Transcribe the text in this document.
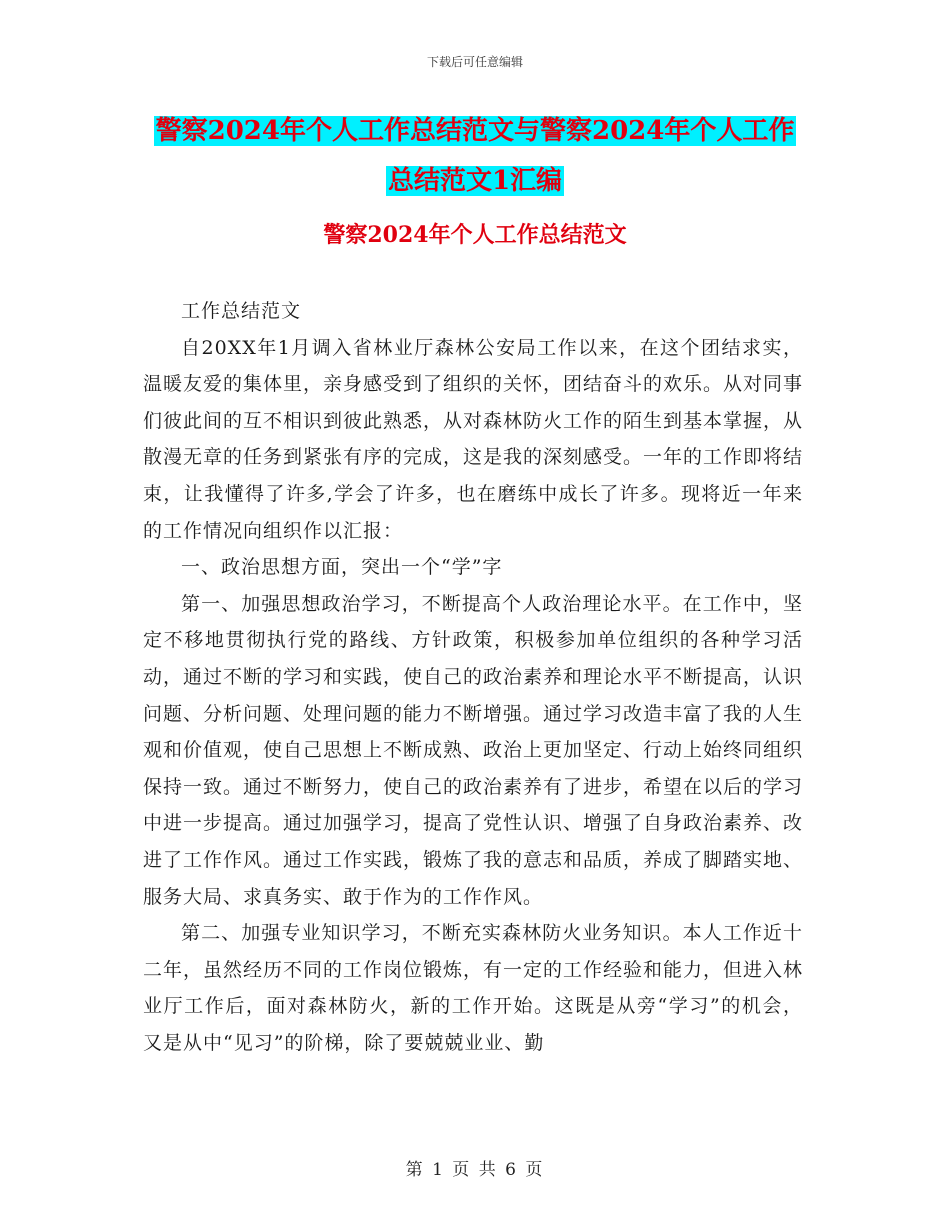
下载后可任意编辑
警察2024年个人工作总结范文与警察2024年个人工作总结范文1汇编
警察2024年个人工作总结范文

工作总结范文

自20XX年1月调入省林业厅森林公安局工作以来，在这个团结求实，温暖友爱的集体里，亲身感受到了组织的关怀，团结奋斗的欢乐。从对同事们彼此间的互不相识到彼此熟悉，从对森林防火工作的陌生到基本掌握，从散漫无章的任务到紧张有序的完成，这是我的深刻感受。一年的工作即将结束，让我懂得了许多,学会了许多，也在磨练中成长了许多。现将近一年来的工作情况向组织作以汇报：

一、政治思想方面，突出一个“学”字

第一、加强思想政治学习，不断提高个人政治理论水平。在工作中，坚定不移地贯彻执行党的路线、方针政策，积极参加单位组织的各种学习活动，通过不断的学习和实践，使自己的政治素养和理论水平不断提高，认识问题、分析问题、处理问题的能力不断增强。通过学习改造丰富了我的人生观和价值观，使自己思想上不断成熟、政治上更加坚定、行动上始终同组织保持一致。通过不断努力，使自己的政治素养有了进步，希望在以后的学习中进一步提高。通过加强学习，提高了党性认识、增强了自身政治素养、改进了工作作风。通过工作实践，锻炼了我的意志和品质，养成了脚踏实地、服务大局、求真务实、敢于作为的工作作风。

第二、加强专业知识学习，不断充实森林防火业务知识。本人工作近十二年，虽然经历不同的工作岗位锻炼，有一定的工作经验和能力，但进入林业厅工作后，面对森林防火，新的工作开始。这既是从旁“学习”的机会，又是从中“见习”的阶梯，除了要兢兢业业、勤

第 1 页 共 6 页
